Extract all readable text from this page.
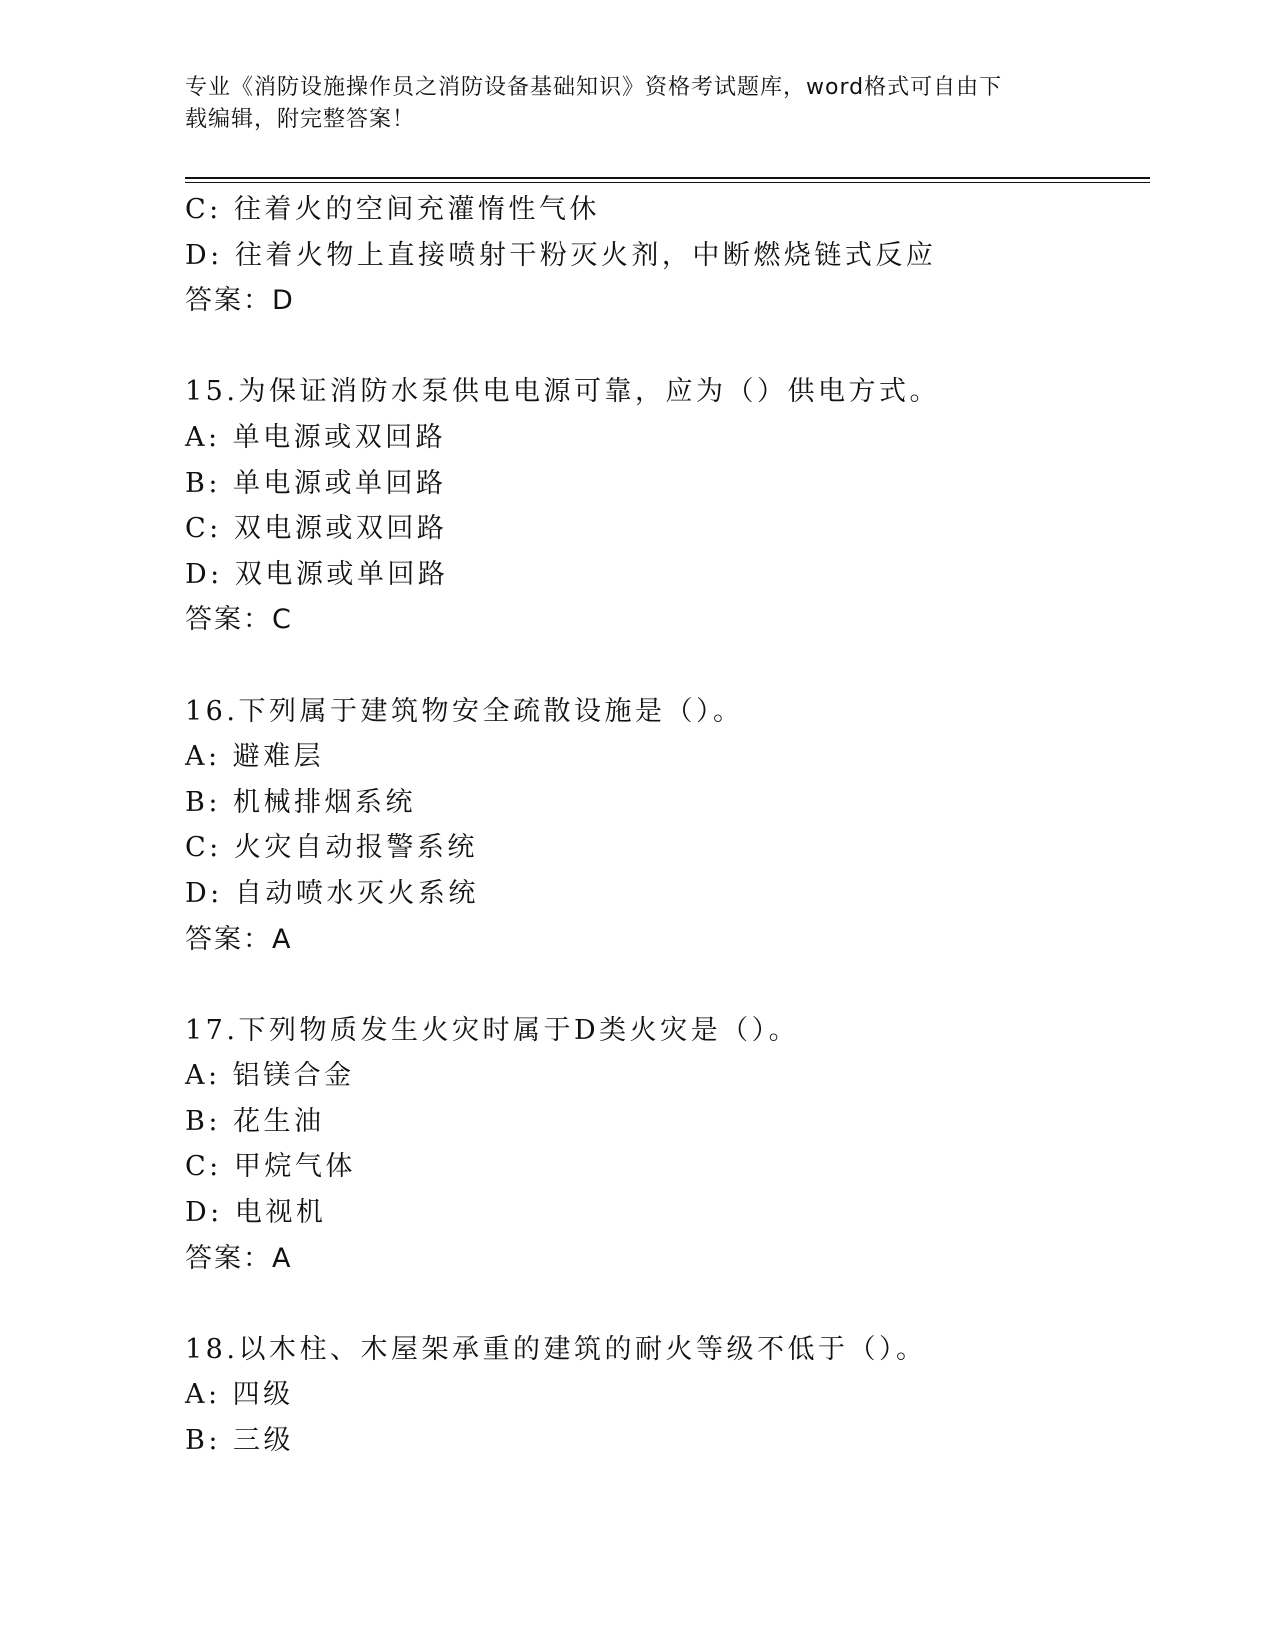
专业《消防设施操作员之消防设备基础知识》资格考试题库，word格式可自由下
载编辑，附完整答案！
C: 往着火的空间充灌惰性气休
D: 往着火物上直接喷射干粉灭火剂，中断燃烧链式反应
答案：D
15.为保证消防水泵供电电源可靠，应为（）供电方式。
A: 单电源或双回路
B: 单电源或单回路
C: 双电源或双回路
D: 双电源或单回路
答案：C
16.下列属于建筑物安全疏散设施是（）。
A: 避难层
B: 机械排烟系统
C: 火灾自动报警系统
D: 自动喷水灭火系统
答案：A
17.下列物质发生火灾时属于D类火灾是（）。
A: 铝镁合金
B: 花生油
C: 甲烷气体
D: 电视机
答案：A
18.以木柱、木屋架承重的建筑的耐火等级不低于（）。
A: 四级
B: 三级
